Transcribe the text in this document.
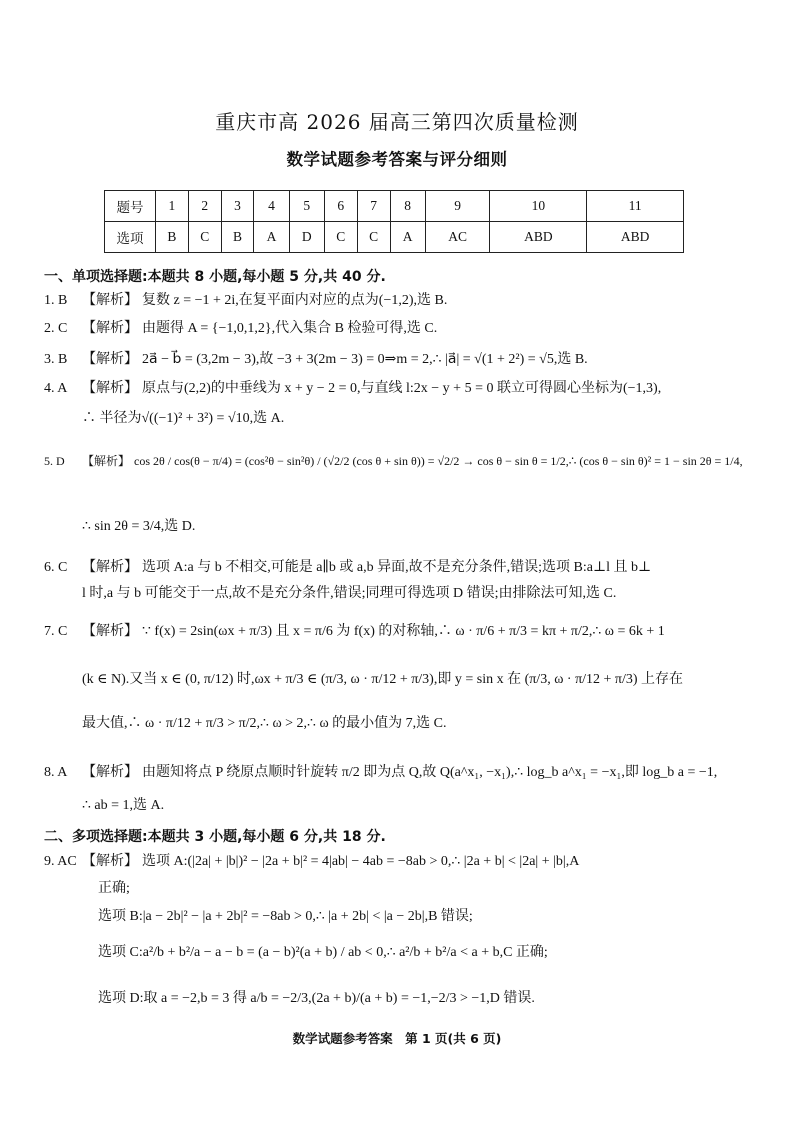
重庆市高 2026 届高三第四次质量检测
数学试题参考答案与评分细则
题号	1	2	3	4	5	6	7	8	9	10	11
选项	B	C	B	A	D	C	C	A	AC	ABD	ABD
一、单项选择题:本题共 8 小题,每小题 5 分,共 40 分.
1. B 【解析】 复数 z = −1 + 2i,在复平面内对应的点为(−1,2),选 B.
2. C 【解析】 由题得 A = {−1,0,1,2},代入集合 B 检验可得,选 C.
3. B 【解析】 2a⃗ − b⃗ = (3,2m − 3),故 −3 + 3(2m − 3) = 0⇒m = 2,∴ |a⃗| = √(1 + 2²) = √5,选 B.
4. A 【解析】 原点与(2,2)的中垂线为 x + y − 2 = 0,与直线 l:2x − y + 5 = 0 联立可得圆心坐标为(−1,3),
∴ 半径为√((−1)² + 3²) = √10,选 A.
5. D 【解析】 cos 2θ / cos(θ − π/4) = (cos²θ − sin²θ) / (√2/2 (cos θ + sin θ)) = √2/2 → cos θ − sin θ = 1/2,∴ (cos θ − sin θ)² = 1 − sin 2θ = 1/4,
∴ sin 2θ = 3/4,选 D.
6. C 【解析】 选项 A:a 与 b 不相交,可能是 a∥b 或 a,b 异面,故不是充分条件,错误;选项 B:a⊥l 且 b⊥
l 时,a 与 b 可能交于一点,故不是充分条件,错误;同理可得选项 D 错误;由排除法可知,选 C.
7. C 【解析】 ∵ f(x) = 2sin(ωx + π/3) 且 x = π/6 为 f(x) 的对称轴,∴ ω · π/6 + π/3 = kπ + π/2,∴ ω = 6k + 1
(k ∈ N).又当 x ∈ (0, π/12) 时,ωx + π/3 ∈ (π/3, ω · π/12 + π/3),即 y = sin x 在 (π/3, ω · π/12 + π/3) 上存在
最大值,∴ ω · π/12 + π/3 > π/2,∴ ω > 2,∴ ω 的最小值为 7,选 C.
8. A 【解析】 由题知将点 P 绕原点顺时针旋转 π/2 即为点 Q,故 Q(a^x₁, −x₁),∴ log_b a^x₁ = −x₁,即 log_b a = −1,
∴ ab = 1,选 A.
二、多项选择题:本题共 3 小题,每小题 6 分,共 18 分.
9. AC 【解析】 选项 A:(|2a| + |b|)² − |2a + b|² = 4|ab| − 4ab = −8ab > 0,∴ |2a + b| < |2a| + |b|,A
正确;
选项 B:|a − 2b|² − |a + 2b|² = −8ab > 0,∴ |a + 2b| < |a − 2b|,B 错误;
选项 C:a²/b + b²/a − a − b = (a − b)²(a + b) / ab < 0,∴ a²/b + b²/a < a + b,C 正确;
选项 D:取 a = −2,b = 3 得 a/b = −2/3,(2a + b)/(a + b) = −1,−2/3 > −1,D 错误.
数学试题参考答案　第 1 页(共 6 页)
